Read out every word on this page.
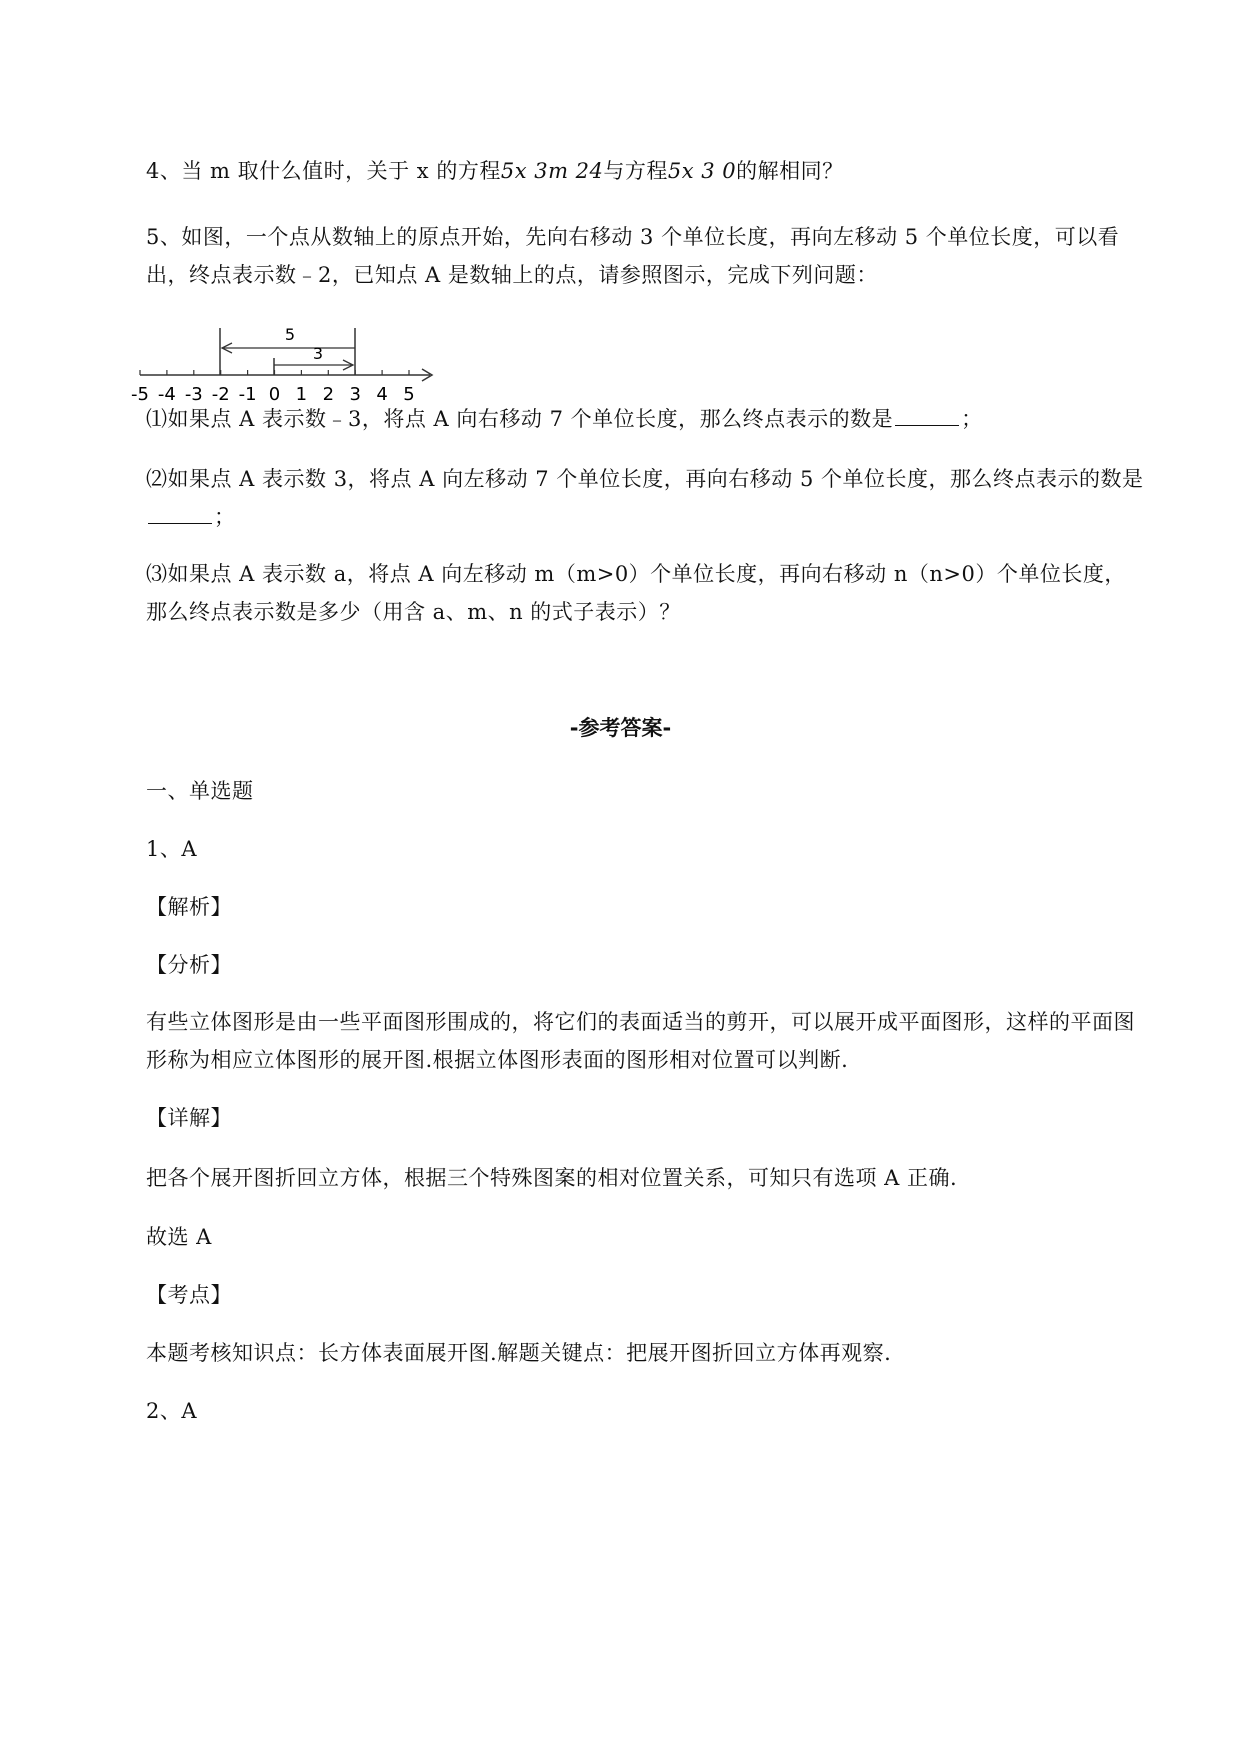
4、当 m 取什么值时，关于 x 的方程5x 3m 24与方程5x 3 0的解相同？
5、如图，一个点从数轴上的原点开始，先向右移动 3 个单位长度，再向左移动 5 个单位长度，可以看出，终点表示数﹣2，已知点 A 是数轴上的点，请参照图示，完成下列问题：
-5 -4 -3 -2 -1 0 1 2 3 4 5
5
3
⑴如果点 A 表示数﹣3，将点 A 向右移动 7 个单位长度，那么终点表示的数是	；
⑵如果点 A 表示数 3，将点 A 向左移动 7 个单位长度，再向右移动 5 个单位长度，那么终点表示的数是；
⑶如果点 A 表示数 a，将点 A 向左移动 m（m>0）个单位长度，再向右移动 n（n>0）个单位长度，那么终点表示数是多少（用含 a、m、n 的式子表示）？
-参考答案-
一、单选题
1、A
【解析】
【分析】
有些立体图形是由一些平面图形围成的，将它们的表面适当的剪开，可以展开成平面图形，这样的平面图形称为相应立体图形的展开图.根据立体图形表面的图形相对位置可以判断.
【详解】
把各个展开图折回立方体，根据三个特殊图案的相对位置关系，可知只有选项 A 正确.
故选 A
【考点】
本题考核知识点：长方体表面展开图.解题关键点：把展开图折回立方体再观察.
2、A
